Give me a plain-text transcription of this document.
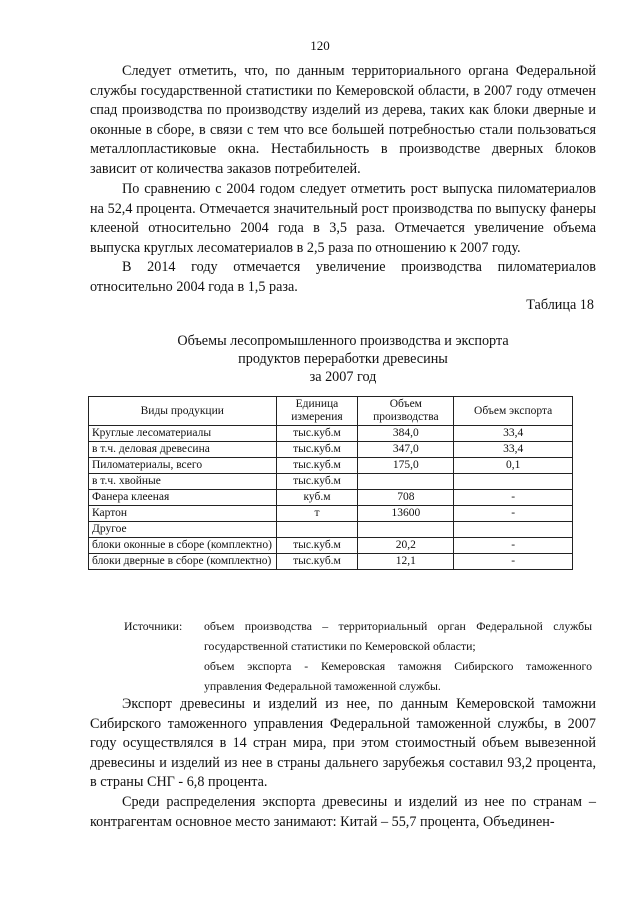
120

Следует отметить, что, по данным территориального органа Федеральной службы государственной статистики по Кемеровской области, в 2007 году отмечен спад производства по производству изделий из дерева, таких как блоки дверные и оконные в сборе, в связи с тем что все большей потребностью стали пользоваться металлопластиковые окна. Нестабильность в производстве дверных блоков зависит от количества заказов потребителей.

По сравнению с 2004 годом следует отметить рост выпуска пиломатериалов на 52,4 процента. Отмечается значительный рост производства по выпуску фанеры клееной относительно 2004 года в 3,5 раза. Отмечается увеличение объема выпуска круглых лесоматериалов в 2,5 раза по отношению к 2007 году.

В 2014 году отмечается увеличение производства пиломатериалов относительно 2004 года в 1,5 раза.

Таблица 18
Объемы лесопромышленного производства и экспорта
продуктов переработки древесины
за 2007 год
Виды продукции	Единица измерения	Объем производства	Объем экспорта
Круглые лесоматериалы	тыс.куб.м	384,0	33,4
в т.ч. деловая древесина	тыс.куб.м	347,0	33,4
Пиломатериалы, всего	тыс.куб.м	175,0	0,1
в т.ч. хвойные	тыс.куб.м		
Фанера клееная	куб.м	708	-
Картон	т	13600	-
Другое			
блоки оконные в сборе (комплектно)	тыс.куб.м	20,2	-
блоки дверные в сборе (комплектно)	тыс.куб.м	12,1	-
Источники: объем производства – территориальный орган Федеральной службы государственной статистики по Кемеровской области;
объем экспорта - Кемеровская таможня Сибирского таможенного управления Федеральной таможенной службы.

Экспорт древесины и изделий из нее, по данным Кемеровской таможни Сибирского таможенного управления Федеральной таможенной службы, в 2007 году осуществлялся в 14 стран мира, при этом стоимостный объем вывезенной древесины и изделий из нее в страны дальнего зарубежья составил 93,2 процента, в страны СНГ - 6,8 процента.

Среди распределения экспорта древесины и изделий из нее по странам – контрагентам основное место занимают: Китай – 55,7 процента, Объединен-
